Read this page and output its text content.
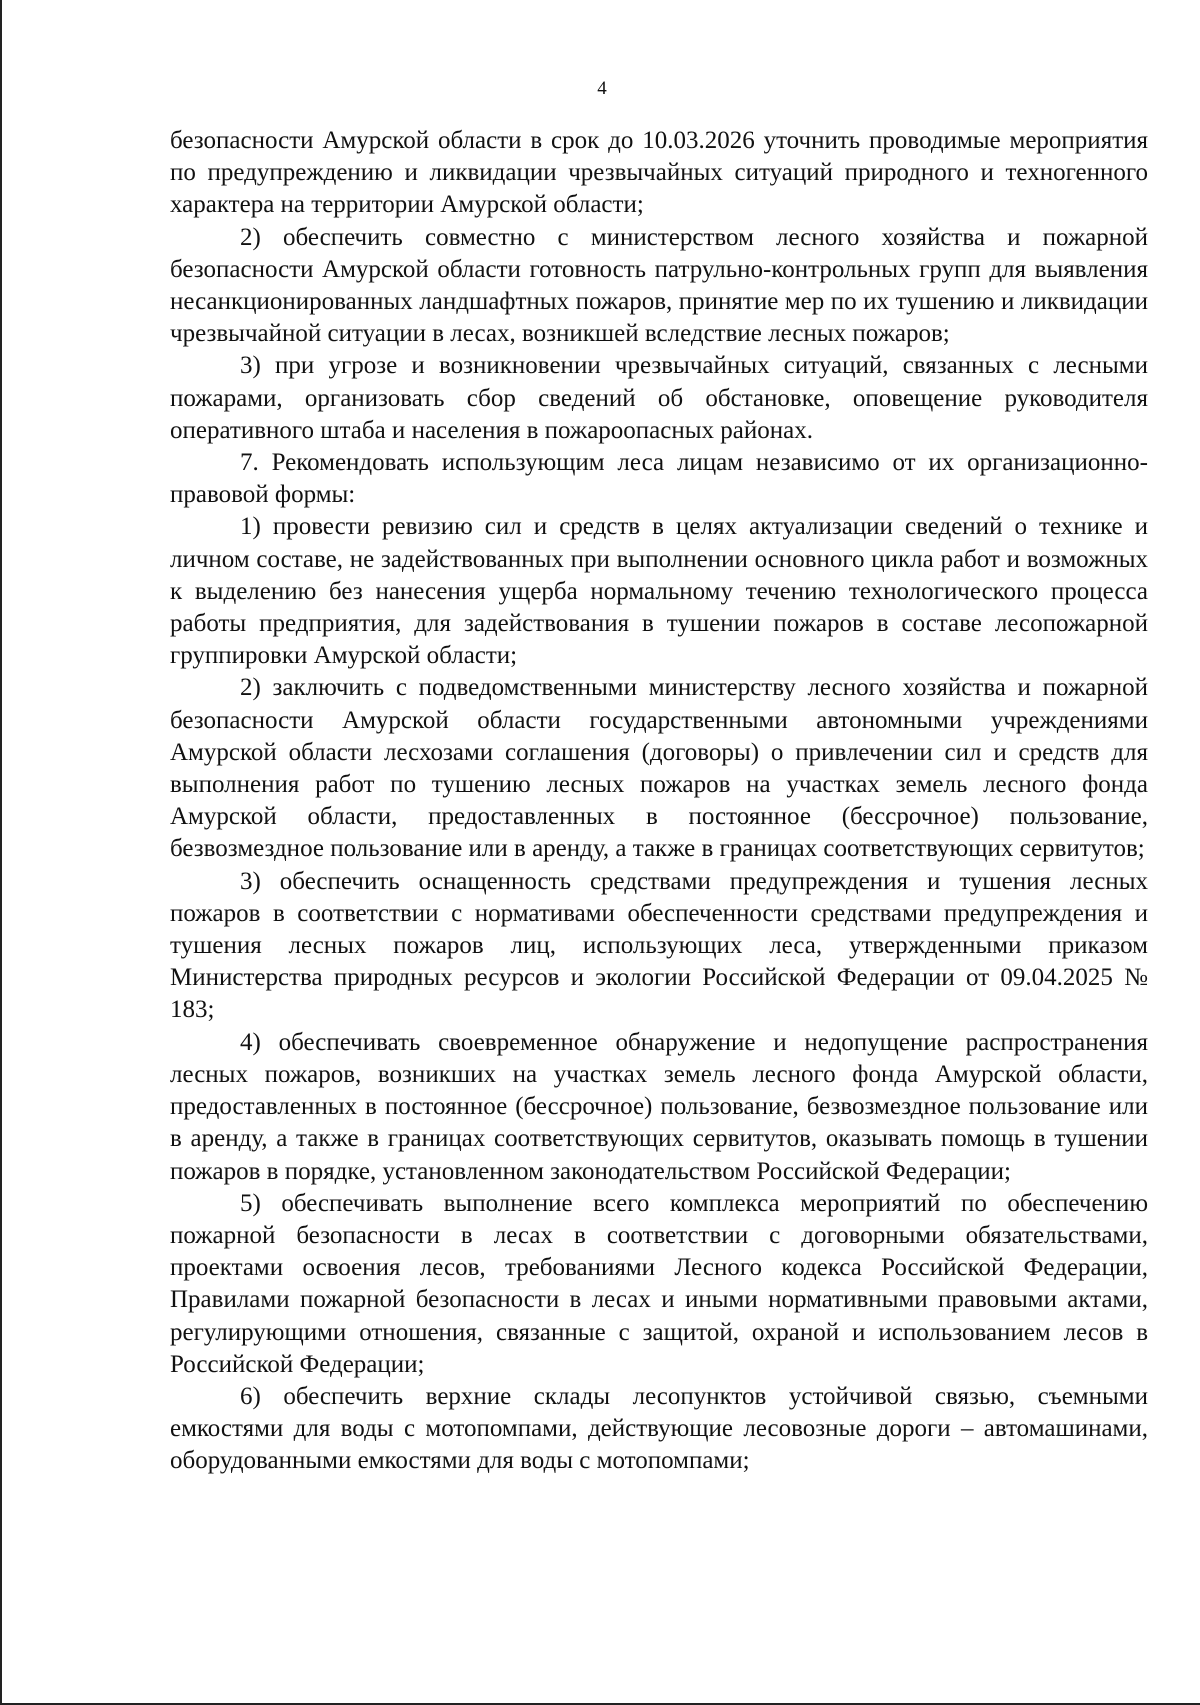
4

безопасности Амурской области в срок до 10.03.2026 уточнить проводимые мероприятия по предупреждению и ликвидации чрезвычайных ситуаций природного и техногенного характера на территории Амурской области;

2) обеспечить совместно с министерством лесного хозяйства и пожарной безопасности Амурской области готовность патрульно-контрольных групп для выявления несанкционированных ландшафтных пожаров, принятие мер по их тушению и ликвидации чрезвычайной ситуации в лесах, возникшей вследствие лесных пожаров;

3) при угрозе и возникновении чрезвычайных ситуаций, связанных с лесными пожарами, организовать сбор сведений об обстановке, оповещение руководителя оперативного штаба и населения в пожароопасных районах.

7. Рекомендовать использующим леса лицам независимо от их организационно-правовой формы:

1) провести ревизию сил и средств в целях актуализации сведений о технике и личном составе, не задействованных при выполнении основного цикла работ и возможных к выделению без нанесения ущерба нормальному течению технологического процесса работы предприятия, для задействования в тушении пожаров в составе лесопожарной группировки Амурской области;

2) заключить с подведомственными министерству лесного хозяйства и пожарной безопасности Амурской области государственными автономными учреждениями Амурской области лесхозами соглашения (договоры) о привлечении сил и средств для выполнения работ по тушению лесных пожаров на участках земель лесного фонда Амурской области, предоставленных в постоянное (бессрочное) пользование, безвозмездное пользование или в аренду, а также в границах соответствующих сервитутов;

3) обеспечить оснащенность средствами предупреждения и тушения лесных пожаров в соответствии с нормативами обеспеченности средствами предупреждения и тушения лесных пожаров лиц, использующих леса, утвержденными приказом Министерства природных ресурсов и экологии Российской Федерации от 09.04.2025 № 183;

4) обеспечивать своевременное обнаружение и недопущение распространения лесных пожаров, возникших на участках земель лесного фонда Амурской области, предоставленных в постоянное (бессрочное) пользование, безвозмездное пользование или в аренду, а также в границах соответствующих сервитутов, оказывать помощь в тушении пожаров в порядке, установленном законодательством Российской Федерации;

5) обеспечивать выполнение всего комплекса мероприятий по обеспечению пожарной безопасности в лесах в соответствии с договорными обязательствами, проектами освоения лесов, требованиями Лесного кодекса Российской Федерации, Правилами пожарной безопасности в лесах и иными нормативными правовыми актами, регулирующими отношения, связанные с защитой, охраной и использованием лесов в Российской Федерации;

6) обеспечить верхние склады лесопунктов устойчивой связью, съемными емкостями для воды с мотопомпами, действующие лесовозные дороги – автомашинами, оборудованными емкостями для воды с мотопомпами;
